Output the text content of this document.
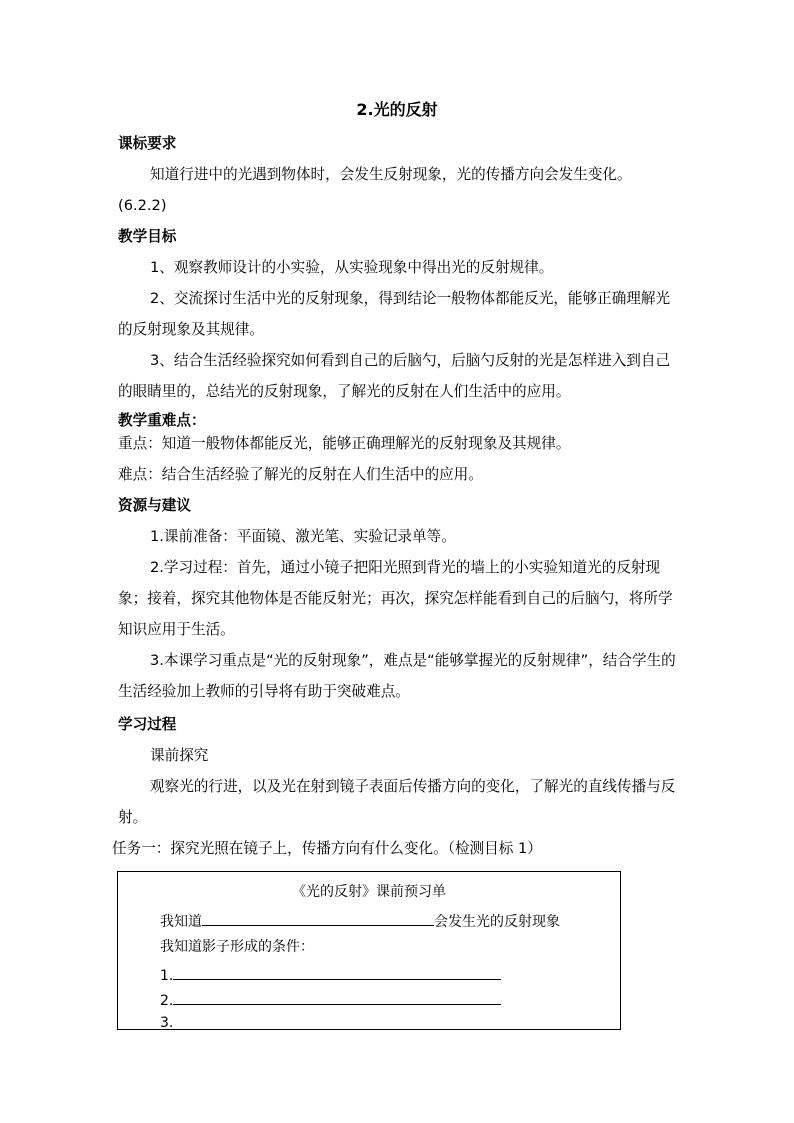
2.光的反射

课标要求

知道行进中的光遇到物体时，会发生反射现象，光的传播方向会发生变化。(6.2.2)

教学目标

1、观察教师设计的小实验，从实验现象中得出光的反射规律。

2、交流探讨生活中光的反射现象，得到结论一般物体都能反光，能够正确理解光的反射现象及其规律。

3、结合生活经验探究如何看到自己的后脑勺，后脑勺反射的光是怎样进入到自己的眼睛里的，总结光的反射现象，了解光的反射在人们生活中的应用。

教学重难点：

重点：知道一般物体都能反光，能够正确理解光的反射现象及其规律。

难点：结合生活经验了解光的反射在人们生活中的应用。

资源与建议

1.课前准备：平面镜、激光笔、实验记录单等。

2.学习过程：首先，通过小镜子把阳光照到背光的墙上的小实验知道光的反射现象；接着，探究其他物体是否能反射光；再次，探究怎样能看到自己的后脑勺，将所学知识应用于生活。

3.本课学习重点是“光的反射现象”，难点是“能够掌握光的反射规律”，结合学生的生活经验加上教师的引导将有助于突破难点。

学习过程

课前探究

观察光的行进，以及光在射到镜子表面后传播方向的变化，了解光的直线传播与反射。

任务一：探究光照在镜子上，传播方向有什么变化。（检测目标 1）

《光的反射》课前预习单
我知道	会发生光的反射现象
我知道影子形成的条件：
1.
2.
3.
